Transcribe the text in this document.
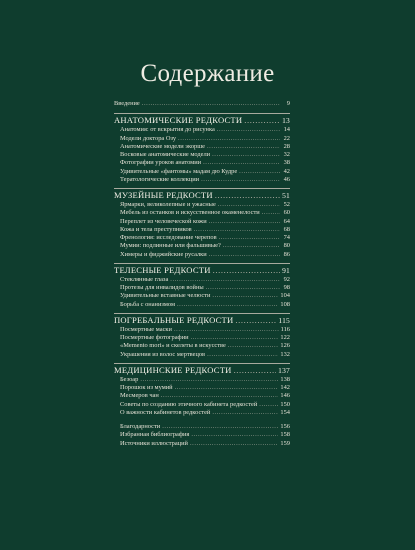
Содержание
Введение .....	9
АНАТОМИЧЕСКИЕ РЕДКОСТИ .....	13
Анатомия: от вскрытия до рисунка .....	14
Модели доктора Озу .....	22
Анатомические модели экорше .....	28
Восковые анатомические модели .....	32
Фотографии уроков анатомии .....	38
Удивительные «фантомы» мадам дю Кудре .....	42
Тератологические коллекции .....	46
МУЗЕЙНЫЕ РЕДКОСТИ .....	51
Ярмарки, великолепные и ужасные .....	52
Мебель из останков и искусственное окаменелости .....	60
Переплет из человеческой кожи .....	64
Кожа и тела преступников .....	68
Френология: исследование черепов .....	74
Мумии: подлинные или фальшивые? .....	80
Химеры и фиджийские русалки .....	86
ТЕЛЕСНЫЕ РЕДКОСТИ .....	91
Стеклянные глаза .....	92
Протезы для инвалидов войны .....	98
Удивительные вставные челюсти .....	104
Борьба с онанизмом .....	108
ПОГРЕБАЛЬНЫЕ РЕДКОСТИ .....	115
Посмертные маски .....	116
Посмертные фотографии .....	122
«Memento mori» и скелеты в искусстве .....	126
Украшения из волос мертвецов .....	132
МЕДИЦИНСКИЕ РЕДКОСТИ .....	137
Безоар .....	138
Порошок из мумий .....	142
Месмеров чан .....	146
Советы по созданию этичного кабинета редкостей .....	150
О важности кабинетов редкостей .....	154
Благодарности .....	156
Избранная библиография .....	158
Источники иллюстраций .....	159
